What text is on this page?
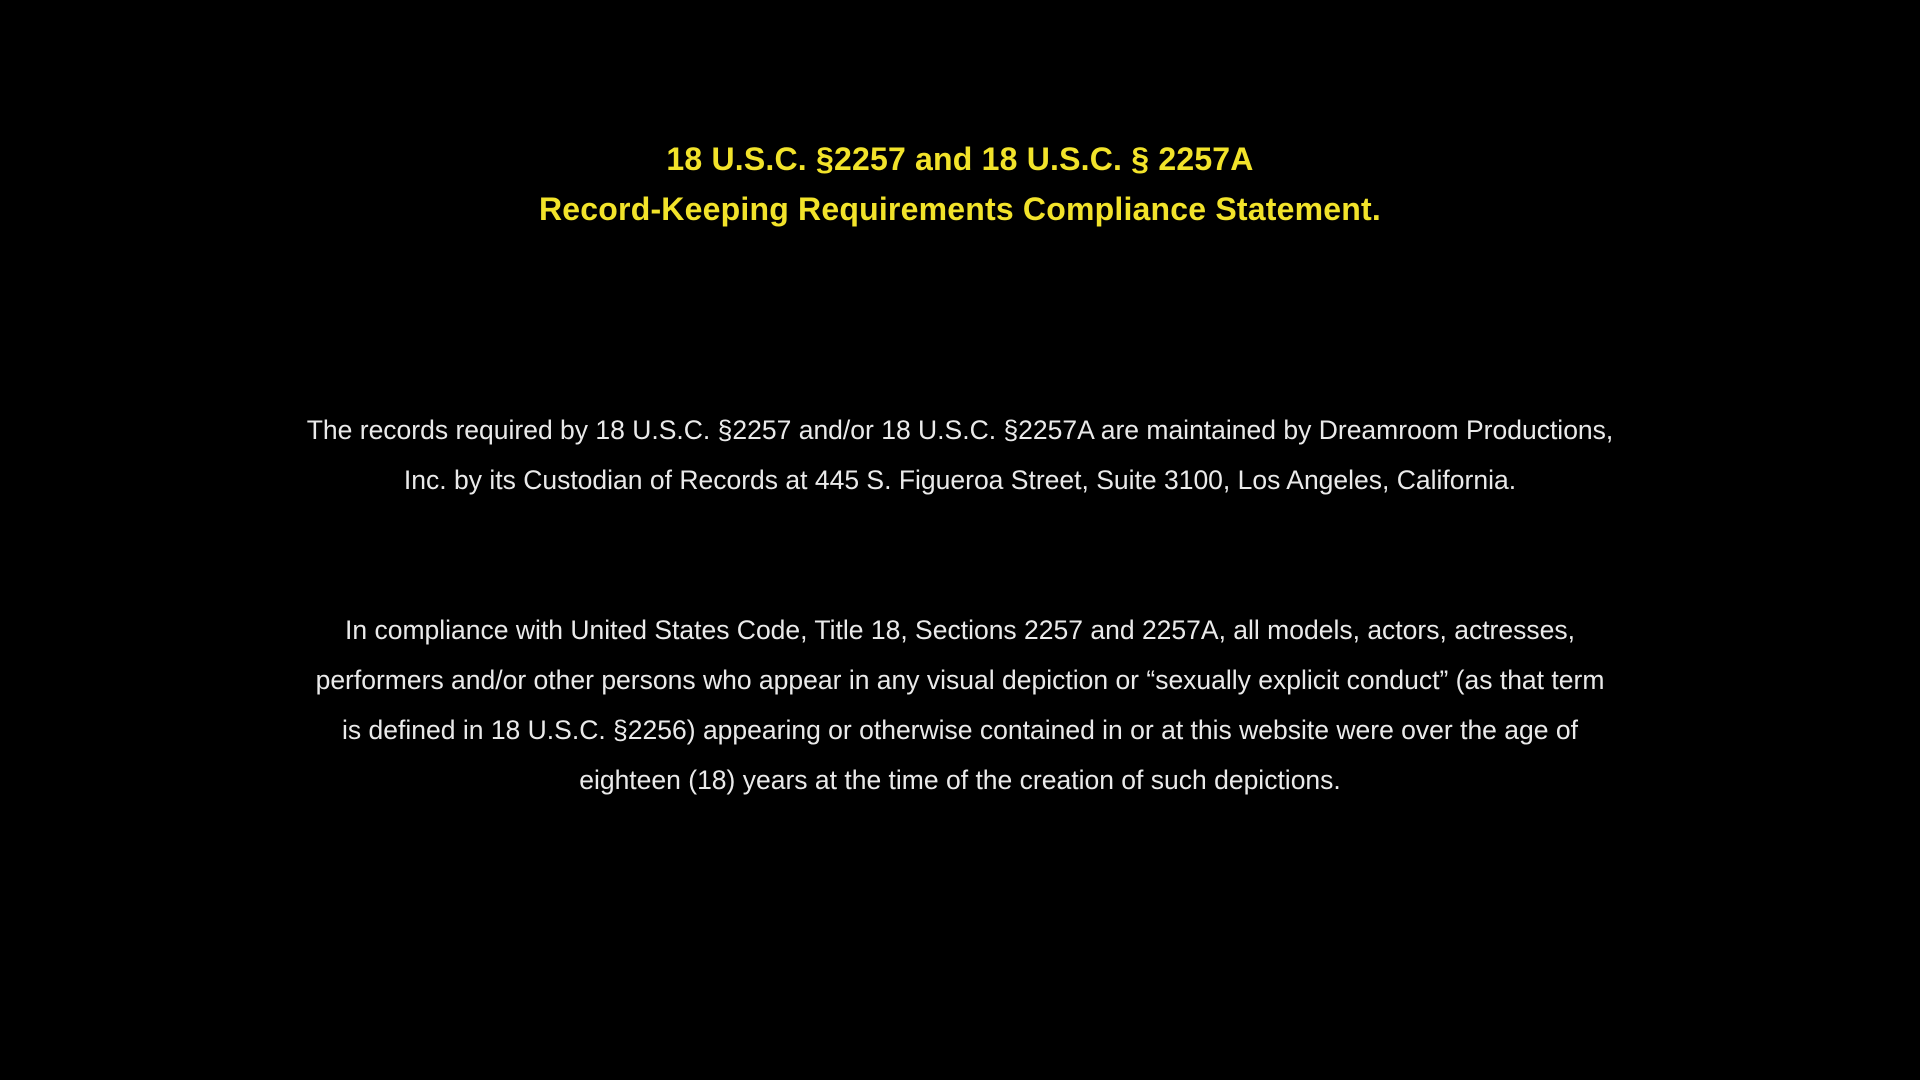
18 U.S.C. §2257 and 18 U.S.C. § 2257A
Record-Keeping Requirements Compliance Statement.
The records required by 18 U.S.C. §2257 and/or 18 U.S.C. §2257A are maintained by Dreamroom Productions, Inc. by its Custodian of Records at 445 S. Figueroa Street, Suite 3100, Los Angeles, California.
In compliance with United States Code, Title 18, Sections 2257 and 2257A, all models, actors, actresses, performers and/or other persons who appear in any visual depiction or “sexually explicit conduct” (as that term is defined in 18 U.S.C. §2256) appearing or otherwise contained in or at this website were over the age of eighteen (18) years at the time of the creation of such depictions.
